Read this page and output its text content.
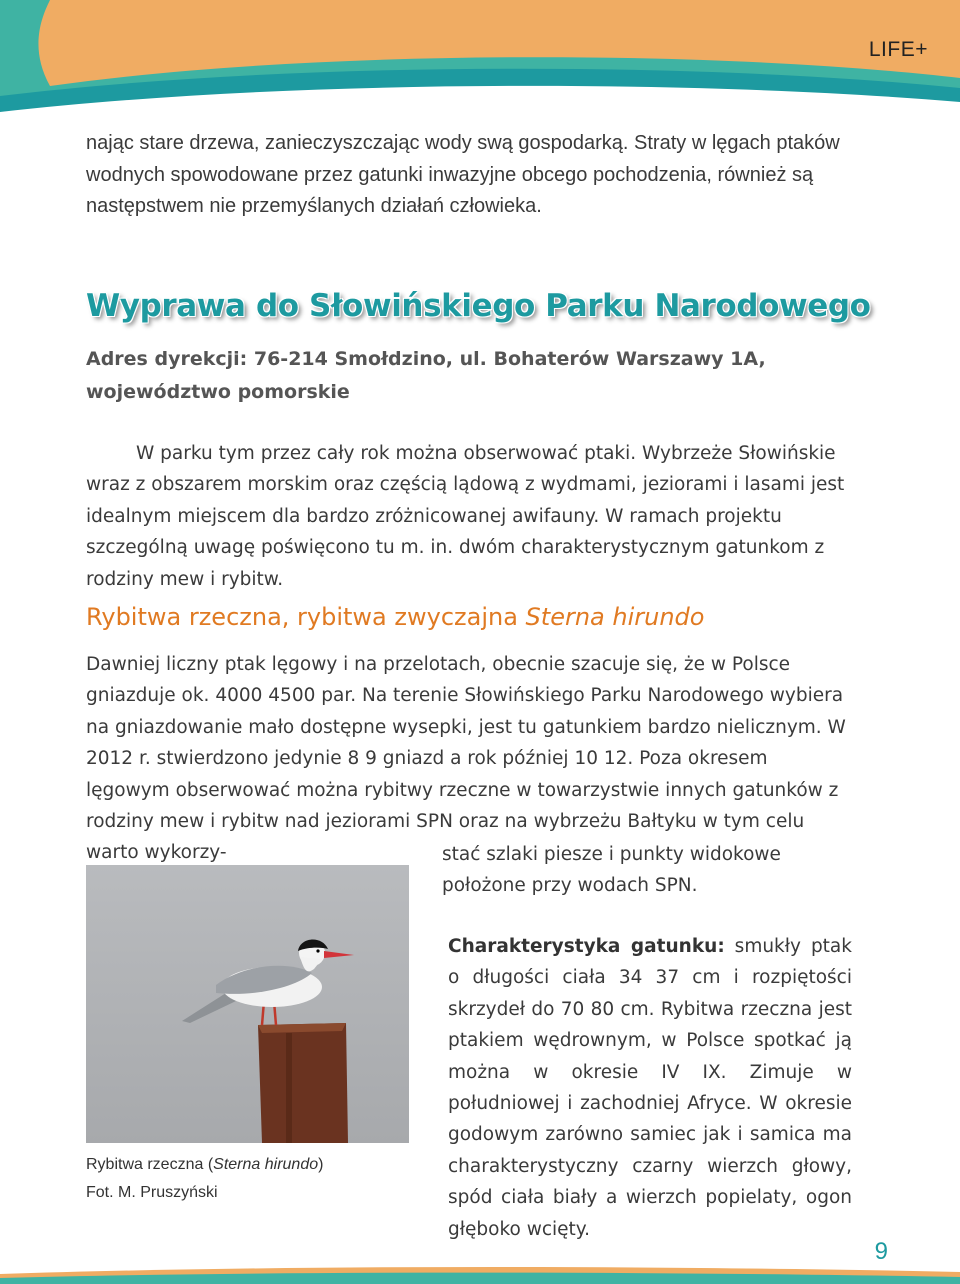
LIFE+

nając stare drzewa, zanieczyszczając wody swą gospodarką. Straty w lęgach ptaków wodnych spowodowane przez gatunki inwazyjne obcego pochodzenia, również są następstwem nie przemyślanych działań człowieka.

Wyprawa do Słowińskiego Parku Narodowego

Adres dyrekcji: 76-214 Smołdzino, ul. Bohaterów Warszawy 1A,
województwo pomorskie

W parku tym przez cały rok można obserwować ptaki. Wybrzeże Słowińskie wraz z obszarem morskim oraz częścią lądową z wydmami, jeziorami i lasami jest idealnym miejscem dla bardzo zróżnicowanej awifauny. W ramach projektu szczególną uwagę poświęcono tu m. in. dwóm charakterystycznym gatunkom z rodziny mew i rybitw.

Rybitwa rzeczna, rybitwa zwyczajna Sterna hirundo

Dawniej liczny ptak lęgowy i na przelotach, obecnie szacuje się, że w Polsce gniazduje ok. 4000 4500 par. Na terenie Słowińskiego Parku Narodowego wybiera na gniazdowanie mało dostępne wysepki, jest tu gatunkiem bardzo nielicznym. W 2012 r. stwierdzono jedynie 8 9 gniazd a rok później 10 12. Poza okresem lęgowym obserwować można rybitwy rzeczne w towarzystwie innych gatunków z rodziny mew i rybitw nad jeziorami SPN oraz na wybrzeżu Bałtyku w tym celu warto wykorzy-	stać szlaki piesze i punkty widokowe położone przy wodach SPN.

Rybitwa rzeczna (Sterna hirundo)
Fot. M. Pruszyński

Charakterystyka gatunku: smukły ptak o długości ciała 34 37 cm i rozpiętości skrzydeł do 70 80 cm. Rybitwa rzeczna jest ptakiem wędrownym, w Polsce spotkać ją można w okresie IV IX. Zimuje w południowej i zachodniej Afryce. W okresie godowym zarówno samiec jak i samica ma charakterystyczny czarny wierzch głowy, spód ciała biały a wierzch popielaty, ogon głęboko wcięty.

9
